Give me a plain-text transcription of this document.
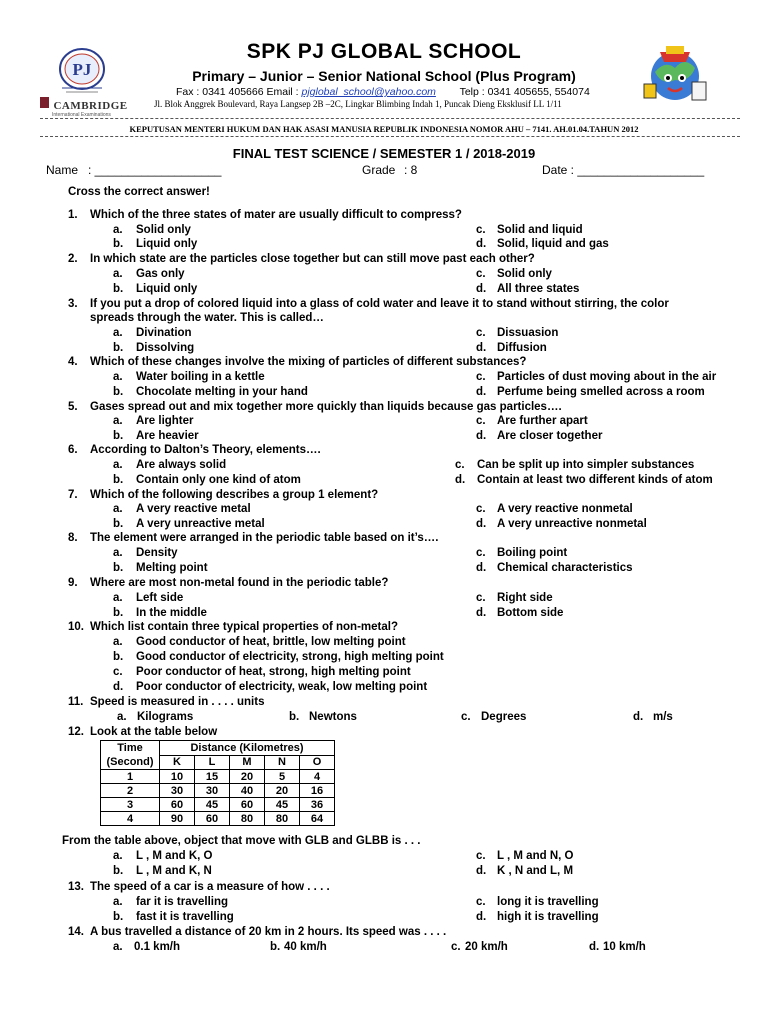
PJ
CAMBRIDGE
International Examinations
SPK PJ GLOBAL SCHOOL
Primary – Junior – Senior National School (Plus Program)
Fax : 0341 405666 Email : pjglobal_school@yahoo.com Telp : 0341 405655, 554074
Jl. Blok Anggrek Boulevard, Raya Langsep 2B –2C, Lingkar Blimbing Indah 1, Puncak Dieng Eksklusif LL 1/11
KEPUTUSAN MENTERI HUKUM DAN HAK ASASI MANUSIA REPUBLIK INDONESIA NOMOR AHU – 7141. AH.01.04.TAHUN 2012
FINAL TEST SCIENCE / SEMESTER 1 / 2018-2019
Name : ___________________	Grade : 8	Date : ___________________
Cross the correct answer!
1. Which of the three states of mater are usually difficult to compress?
a. Solid only
b. Liquid only
c. Solid and liquid
d. Solid, liquid and gas
2. In which state are the particles close together but can still move past each other?
a. Gas only
b. Liquid only
c. Solid only
d. All three states
3. If you put a drop of colored liquid into a glass of cold water and leave it to stand without stirring, the color
spreads through the water. This is called…
a. Divination
b. Dissolving
c. Dissuasion
d. Diffusion
4. Which of these changes involve the mixing of particles of different substances?
a. Water boiling in a kettle
b. Chocolate melting in your hand
c. Particles of dust moving about in the air
d. Perfume being smelled across a room
5. Gases spread out and mix together more quickly than liquids because gas particles….
a. Are lighter
b. Are heavier
c. Are further apart
d. Are closer together
6. According to Dalton’s Theory, elements….
a. Are always solid
b. Contain only one kind of atom
c. Can be split up into simpler substances
d. Contain at least two different kinds of atom
7. Which of the following describes a group 1 element?
a. A very reactive metal
b. A very unreactive metal
c. A very reactive nonmetal
d. A very unreactive nonmetal
8. The element were arranged in the periodic table based on it’s….
a. Density
b. Melting point
c. Boiling point
d. Chemical characteristics
9. Where are most non-metal found in the periodic table?
a. Left side
b. In the middle
c. Right side
d. Bottom side
10. Which list contain three typical properties of non-metal?
a. Good conductor of heat, brittle, low melting point
b. Good conductor of electricity, strong, high melting point
c. Poor conductor of heat, strong, high melting point
d. Poor conductor of electricity, weak, low melting point
11. Speed is measured in . . . . units
a. Kilograms	b. Newtons	c. Degrees	d. m/s
12. Look at the table below
Time
(Second)	Distance (Kilometres)				
	K	L	M	N	O
1	10	15	20	5	4
2	30	30	40	20	16
3	60	45	60	45	36
4	90	60	80	80	64
From the table above, object that move with GLB and GLBB is . . .
a. L , M and K, O
b. L , M and K, N
c. L , M and N, O
d. K , N and L, M
13. The speed of a car is a measure of how . . . .
a. far it is travelling
b. fast it is travelling
c. long it is travelling
d. high it is travelling
14. A bus travelled a distance of 20 km in 2 hours. Its speed was . . . .
a. 0.1 km/h	b. 40 km/h	c. 20 km/h	d. 10 km/h
